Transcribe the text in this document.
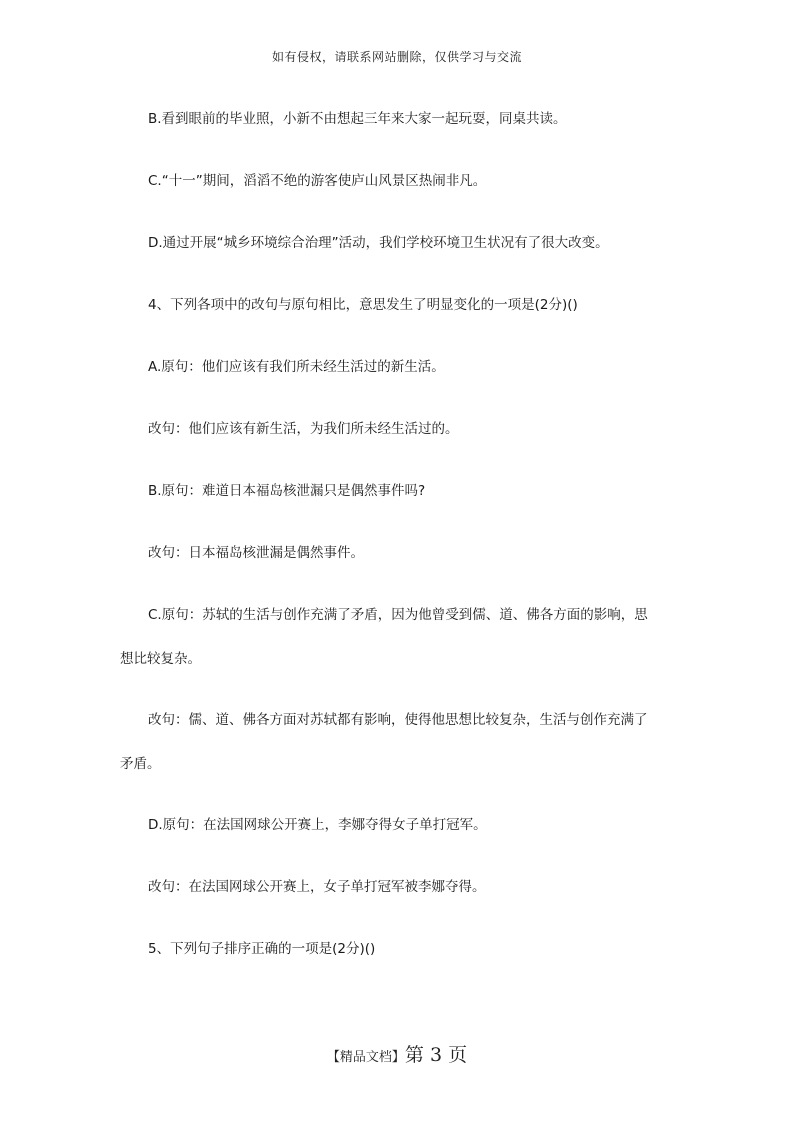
如有侵权，请联系网站删除，仅供学习与交流
B.看到眼前的毕业照，小新不由想起三年来大家一起玩耍，同桌共读。
C.“十一”期间，滔滔不绝的游客使庐山风景区热闹非凡。
D.通过开展“城乡环境综合治理”活动，我们学校环境卫生状况有了很大改变。
4、下列各项中的改句与原句相比，意思发生了明显变化的一项是(2分)()
A.原句：他们应该有我们所未经生活过的新生活。
改句：他们应该有新生活，为我们所未经生活过的。
B.原句：难道日本福岛核泄漏只是偶然事件吗?
改句：日本福岛核泄漏是偶然事件。
C.原句：苏轼的生活与创作充满了矛盾，因为他曾受到儒、道、佛各方面的影响，思
想比较复杂。
改句：儒、道、佛各方面对苏轼都有影响，使得他思想比较复杂，生活与创作充满了
矛盾。
D.原句：在法国网球公开赛上，李娜夺得女子单打冠军。
改句：在法国网球公开赛上，女子单打冠军被李娜夺得。
5、下列句子排序正确的一项是(2分)()
【精品文档】第 3 页
